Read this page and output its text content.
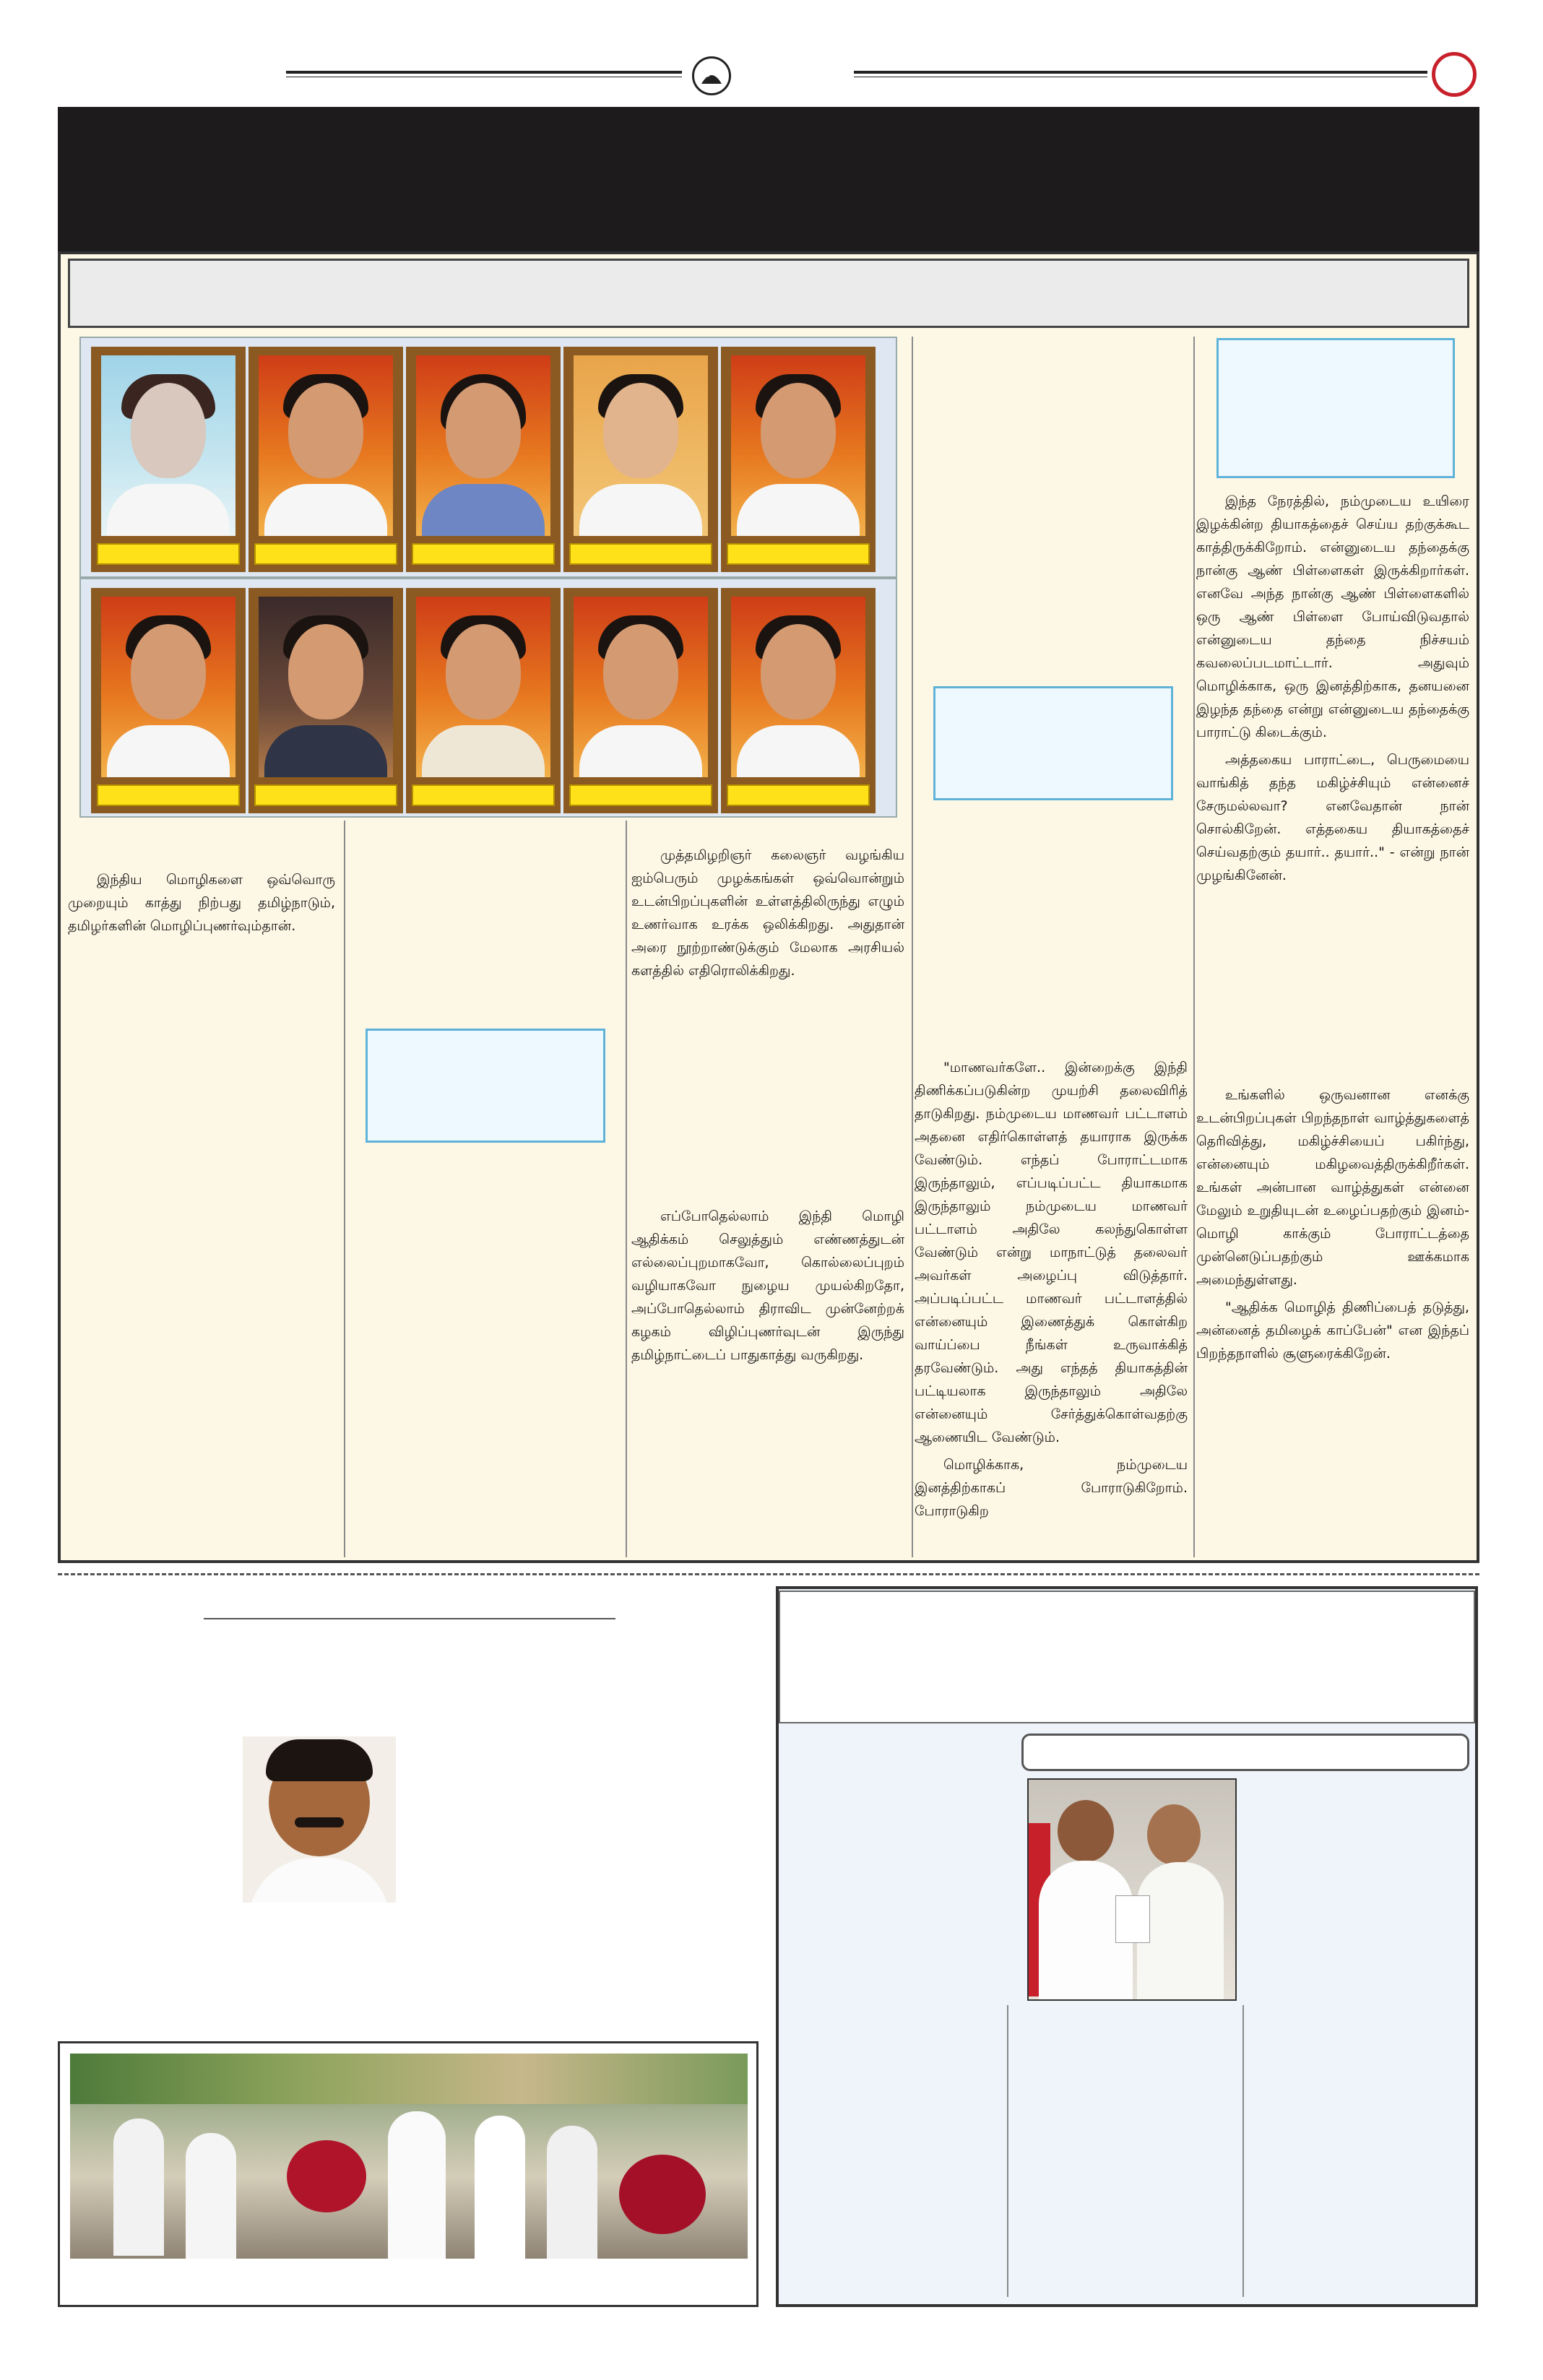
இந்திய மொழிகளை ஒவ்வொரு முறையும் காத்து நிற்பது தமிழ்நாடும், தமிழர்களின் மொழிப்புணர்வும்தான்.

முத்தமிழறிஞர் கலைஞர் வழங்கிய ஐம்பெரும் முழக்கங்கள் ஒவ்வொன்றும் உடன்பிறப்புகளின் உள்ளத்திலிருந்து எழும் உணர்வாக உரக்க ஒலிக்கிறது. அதுதான் அரை நூற்றாண்டுக்கும் மேலாக அரசியல் களத்தில் எதிரொலிக்கிறது.

எப்போதெல்லாம் இந்தி மொழி ஆதிக்கம் செலுத்தும் எண்ணத்துடன் எல்லைப்புறமாகவோ, கொல்லைப்புறம் வழியாகவோ நுழைய முயல்கிறதோ, அப்போதெல்லாம் திராவிட முன்னேற்றக் கழகம் விழிப்புணர்வுடன் இருந்து தமிழ்நாட்டைப் பாதுகாத்து வருகிறது.

"மாணவர்களே.. இன்றைக்கு இந்தி திணிக்கப்படுகின்ற முயற்சி தலைவிரித் தாடுகிறது. நம்முடைய மாணவர் பட்டாளம் அதனை எதிர்கொள்ளத் தயாராக இருக்க வேண்டும். எந்தப் போராட்டமாக இருந்தாலும், எப்படிப்பட்ட தியாகமாக இருந்தாலும் நம்முடைய மாணவர் பட்டாளம் அதிலே கலந்துகொள்ள வேண்டும் என்று மாநாட்டுத் தலைவர் அவர்கள் அழைப்பு விடுத்தார். அப்படிப்பட்ட மாணவர் பட்டாளத்தில் என்னையும் இணைத்துக் கொள்கிற வாய்ப்பை நீங்கள் உருவாக்கித் தரவேண்டும். அது எந்தத் தியாகத்தின் பட்டியலாக இருந்தாலும் அதிலே என்னையும் சேர்த்துக்கொள்வதற்கு ஆணையிட வேண்டும்.

மொழிக்காக, நம்முடைய இனத்திற்காகப் போராடுகிறோம். போராடுகிற

இந்த நேரத்தில், நம்முடைய உயிரை இழக்கின்ற தியாகத்தைச் செய்ய தற்குக்கூட காத்திருக்கிறோம். என்னுடைய தந்தைக்கு நான்கு ஆண் பிள்ளைகள் இருக்கிறார்கள். எனவே அந்த நான்கு ஆண் பிள்ளைகளில் ஒரு ஆண் பிள்ளை போய்விடுவதால் என்னுடைய தந்தை நிச்சயம் கவலைப்படமாட்டார். அதுவும் மொழிக்காக, ஒரு இனத்திற்காக, தனயனை இழந்த தந்தை என்று என்னுடைய தந்தைக்கு பாராட்டு கிடைக்கும்.

அத்தகைய பாராட்டை, பெருமையை வாங்கித் தந்த மகிழ்ச்சியும் என்னைச் சேருமல்லவா? எனவேதான் நான் சொல்கிறேன். எத்தகைய தியாகத்தைச் செய்வதற்கும் தயார்.. தயார்.." - என்று நான் முழங்கினேன்.

உங்களில் ஒருவனான எனக்கு உடன்பிறப்புகள் பிறந்தநாள் வாழ்த்துகளைத் தெரிவித்து, மகிழ்ச்சியைப் பகிர்ந்து, என்னையும் மகிழவைத்திருக்கிறீர்கள். உங்கள் அன்பான வாழ்த்துகள் என்னை மேலும் உறுதியுடன் உழைப்பதற்கும் இனம்-மொழி காக்கும் போராட்டத்தை முன்னெடுப்பதற்கும் ஊக்கமாக அமைந்துள்ளது.

"ஆதிக்க மொழித் திணிப்பைத் தடுத்து, அன்னைத் தமிழைக் காப்பேன்" என இந்தப் பிறந்தநாளில் சூளுரைக்கிறேன்.
